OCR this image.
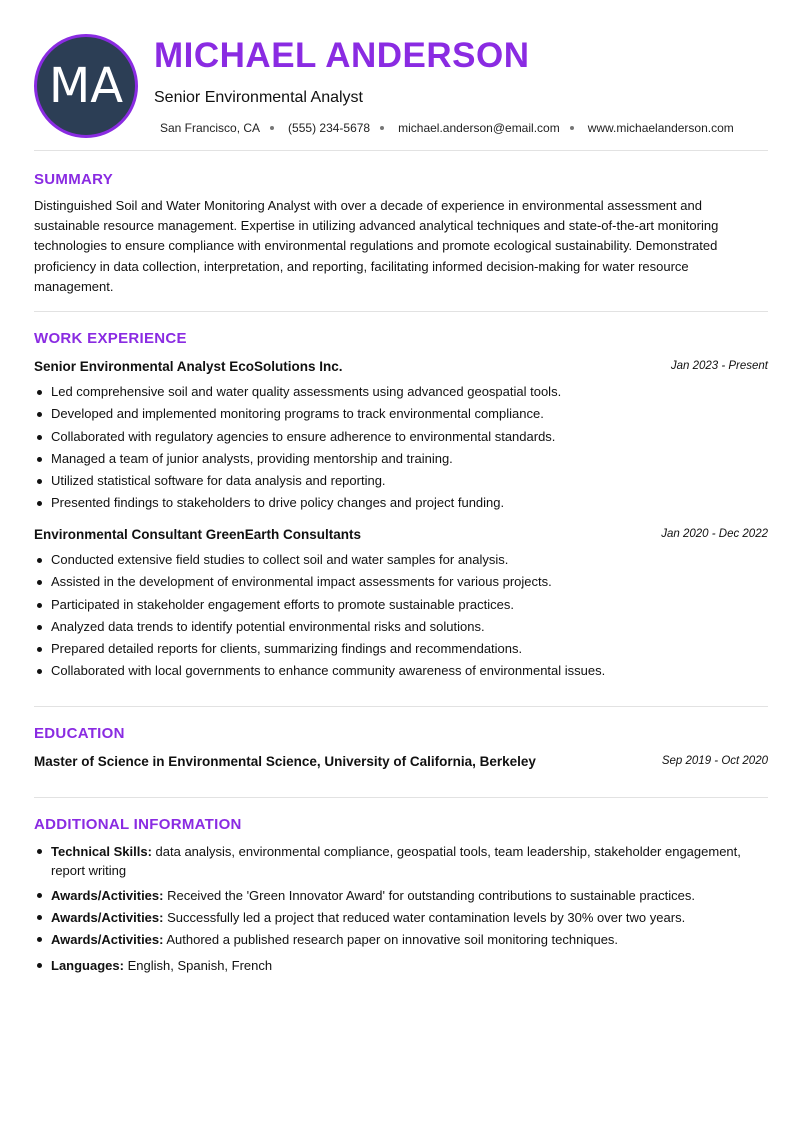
MA
MICHAEL ANDERSON
Senior Environmental Analyst
San Francisco, CA (555) 234-5678 michael.anderson@email.com www.michaelanderson.com
SUMMARY
Distinguished Soil and Water Monitoring Analyst with over a decade of experience in environmental assessment and sustainable resource management. Expertise in utilizing advanced analytical techniques and state-of-the-art monitoring technologies to ensure compliance with environmental regulations and promote ecological sustainability. Demonstrated proficiency in data collection, interpretation, and reporting, facilitating informed decision-making for water resource management.
WORK EXPERIENCE
Senior Environmental Analyst EcoSolutions Inc.	Jan 2023 - Present
Led comprehensive soil and water quality assessments using advanced geospatial tools.
Developed and implemented monitoring programs to track environmental compliance.
Collaborated with regulatory agencies to ensure adherence to environmental standards.
Managed a team of junior analysts, providing mentorship and training.
Utilized statistical software for data analysis and reporting.
Presented findings to stakeholders to drive policy changes and project funding.
Environmental Consultant GreenEarth Consultants	Jan 2020 - Dec 2022
Conducted extensive field studies to collect soil and water samples for analysis.
Assisted in the development of environmental impact assessments for various projects.
Participated in stakeholder engagement efforts to promote sustainable practices.
Analyzed data trends to identify potential environmental risks and solutions.
Prepared detailed reports for clients, summarizing findings and recommendations.
Collaborated with local governments to enhance community awareness of environmental issues.
EDUCATION
Master of Science in Environmental Science, University of California, Berkeley	Sep 2019 - Oct 2020
ADDITIONAL INFORMATION
Technical Skills: data analysis, environmental compliance, geospatial tools, team leadership, stakeholder engagement, report writing
Awards/Activities: Received the 'Green Innovator Award' for outstanding contributions to sustainable practices.
Awards/Activities: Successfully led a project that reduced water contamination levels by 30% over two years.
Awards/Activities: Authored a published research paper on innovative soil monitoring techniques.
Languages: English, Spanish, French
